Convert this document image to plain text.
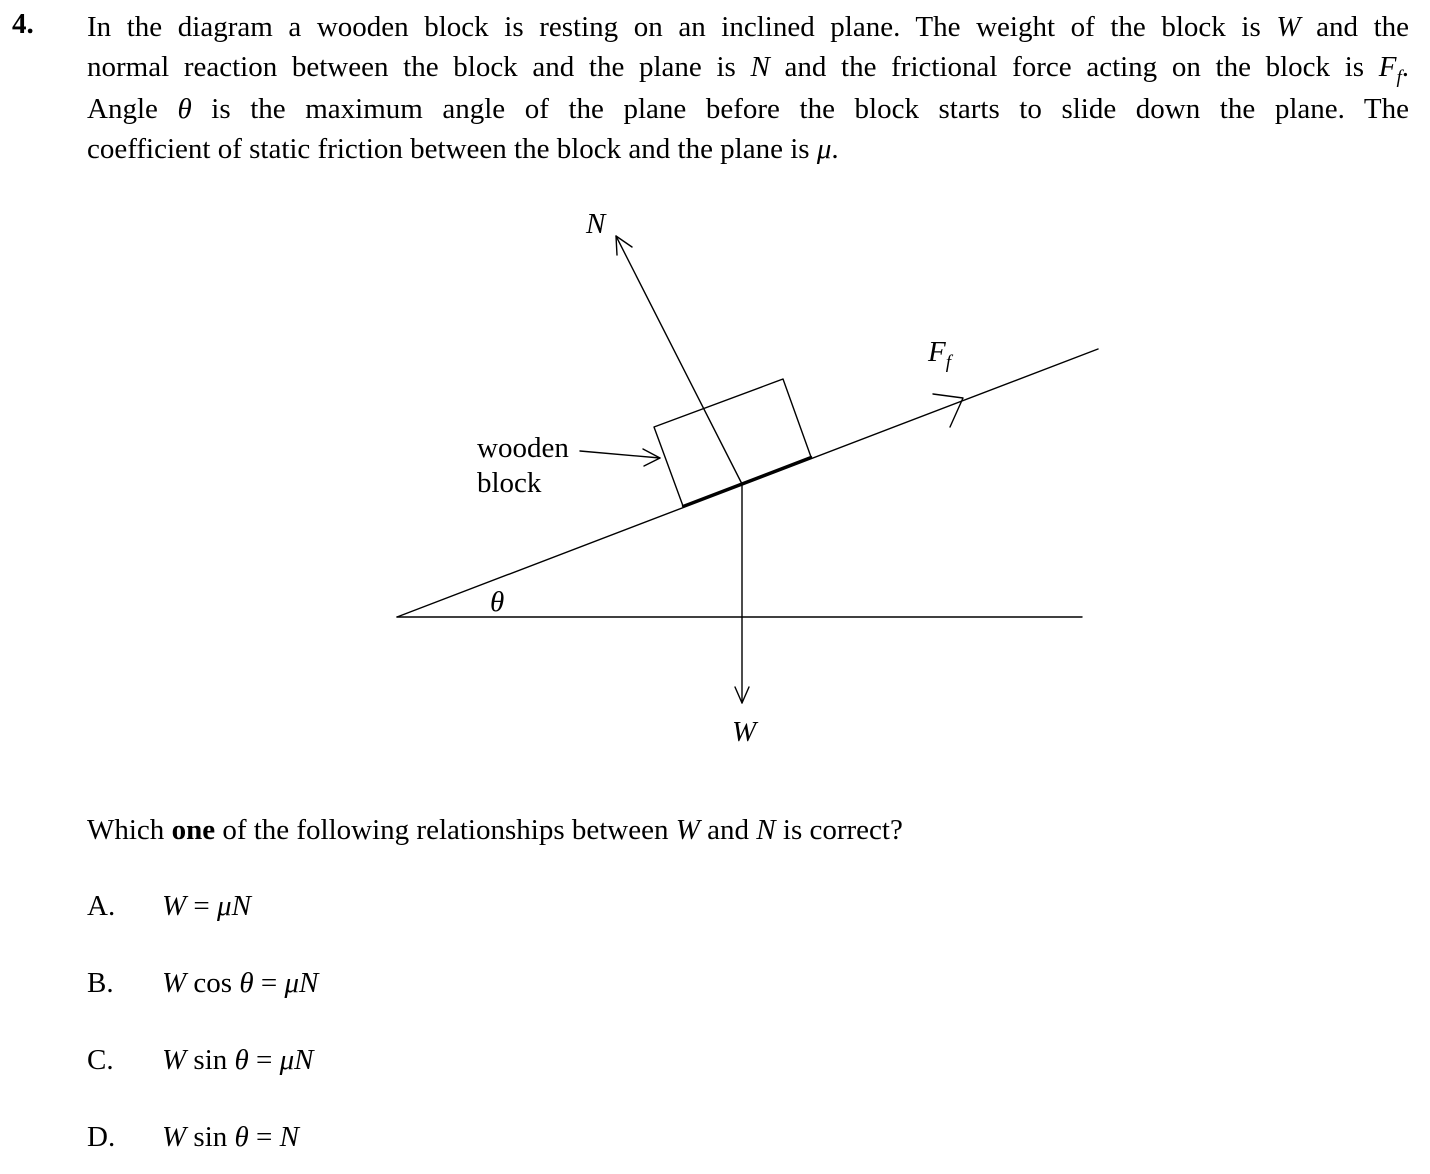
4. In the diagram a wooden block is resting on an inclined plane. The weight of the block is W and the
normal reaction between the block and the plane is N and the frictional force acting on the block is $F_f$.
Angle θ is the maximum angle of the plane before the block starts to slide down the plane. The
coefficient of static friction between the block and the plane is μ.
N
$F_f$
W
θ
wooden
block
Which one of the following relationships between W and N is correct?
A. W = μN
B. W cos θ = μN
C. W sin θ = μN
D. W sin θ = N
